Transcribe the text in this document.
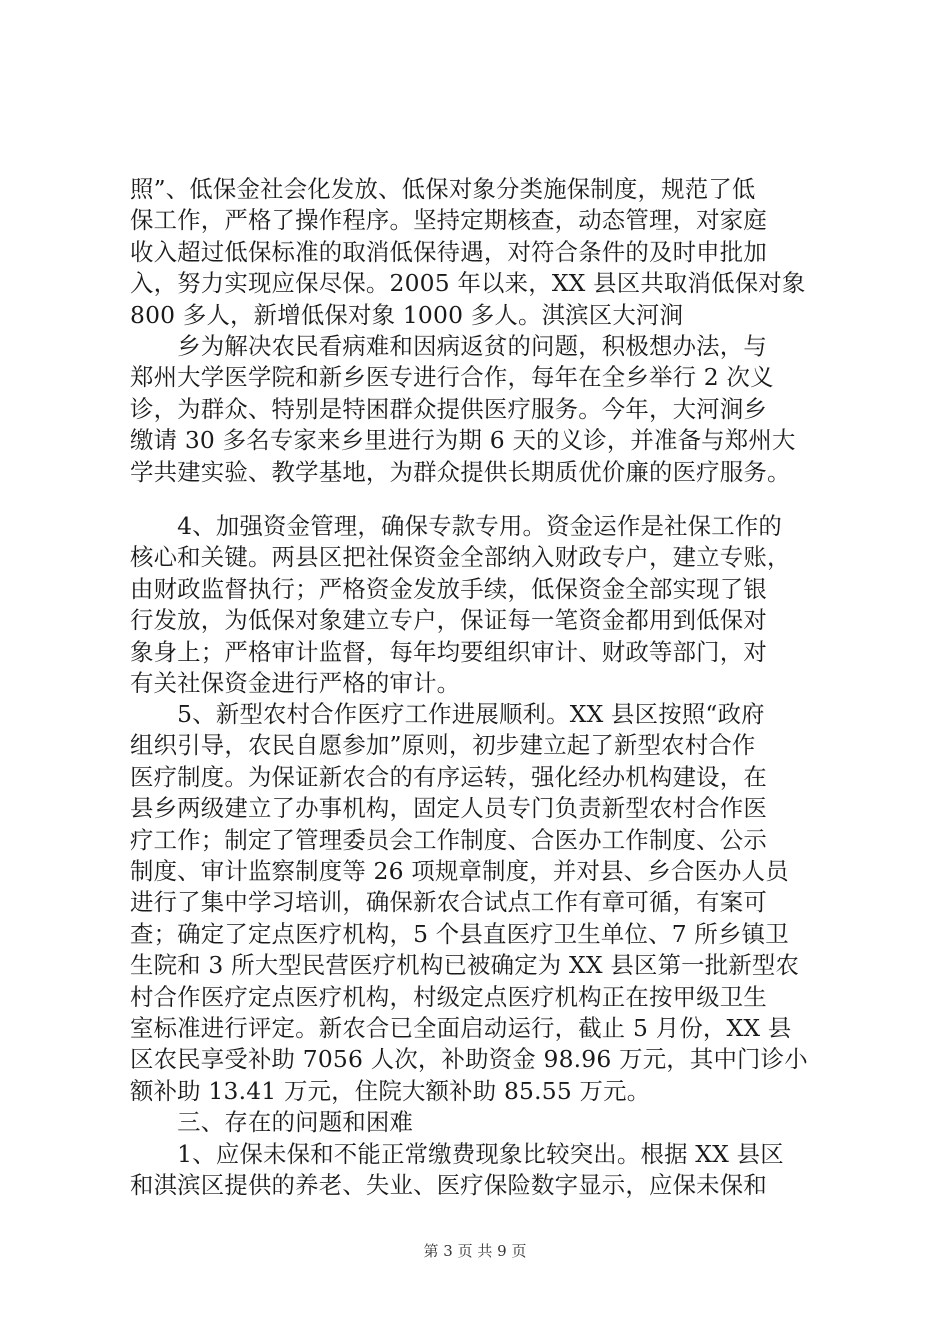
照”、低保金社会化发放、低保对象分类施保制度，规范了低
保工作，严格了操作程序。坚持定期核查，动态管理，对家庭
收入超过低保标准的取消低保待遇，对符合条件的及时申批加
入，努力实现应保尽保。2005 年以来，XX 县区共取消低保对象
800 多人，新增低保对象 1000 多人。淇滨区大河涧
　　乡为解决农民看病难和因病返贫的问题，积极想办法，与
郑州大学医学院和新乡医专进行合作，每年在全乡举行 2 次义
诊，为群众、特别是特困群众提供医疗服务。今年，大河涧乡
缴请 30 多名专家来乡里进行为期 6 天的义诊，并准备与郑州大
学共建实验、教学基地，为群众提供长期质优价廉的医疗服务。
　　4、加强资金管理，确保专款专用。资金运作是社保工作的
核心和关键。两县区把社保资金全部纳入财政专户，建立专账，
由财政监督执行；严格资金发放手续，低保资金全部实现了银
行发放，为低保对象建立专户，保证每一笔资金都用到低保对
象身上；严格审计监督，每年均要组织审计、财政等部门，对
有关社保资金进行严格的审计。
　　5、新型农村合作医疗工作进展顺利。XX 县区按照“政府
组织引导，农民自愿参加”原则，初步建立起了新型农村合作
医疗制度。为保证新农合的有序运转，强化经办机构建设，在
县乡两级建立了办事机构，固定人员专门负责新型农村合作医
疗工作；制定了管理委员会工作制度、合医办工作制度、公示
制度、审计监察制度等 26 项规章制度，并对县、乡合医办人员
进行了集中学习培训，确保新农合试点工作有章可循，有案可
查；确定了定点医疗机构，5 个县直医疗卫生单位、7 所乡镇卫
生院和 3 所大型民营医疗机构已被确定为 XX 县区第一批新型农
村合作医疗定点医疗机构，村级定点医疗机构正在按甲级卫生
室标准进行评定。新农合已全面启动运行，截止 5 月份，XX 县
区农民享受补助 7056 人次，补助资金 98.96 万元，其中门诊小
额补助 13.41 万元，住院大额补助 85.55 万元。
　　三、存在的问题和困难
　　1、应保未保和不能正常缴费现象比较突出。根据 XX 县区
和淇滨区提供的养老、失业、医疗保险数字显示，应保未保和
第 3 页 共 9 页
